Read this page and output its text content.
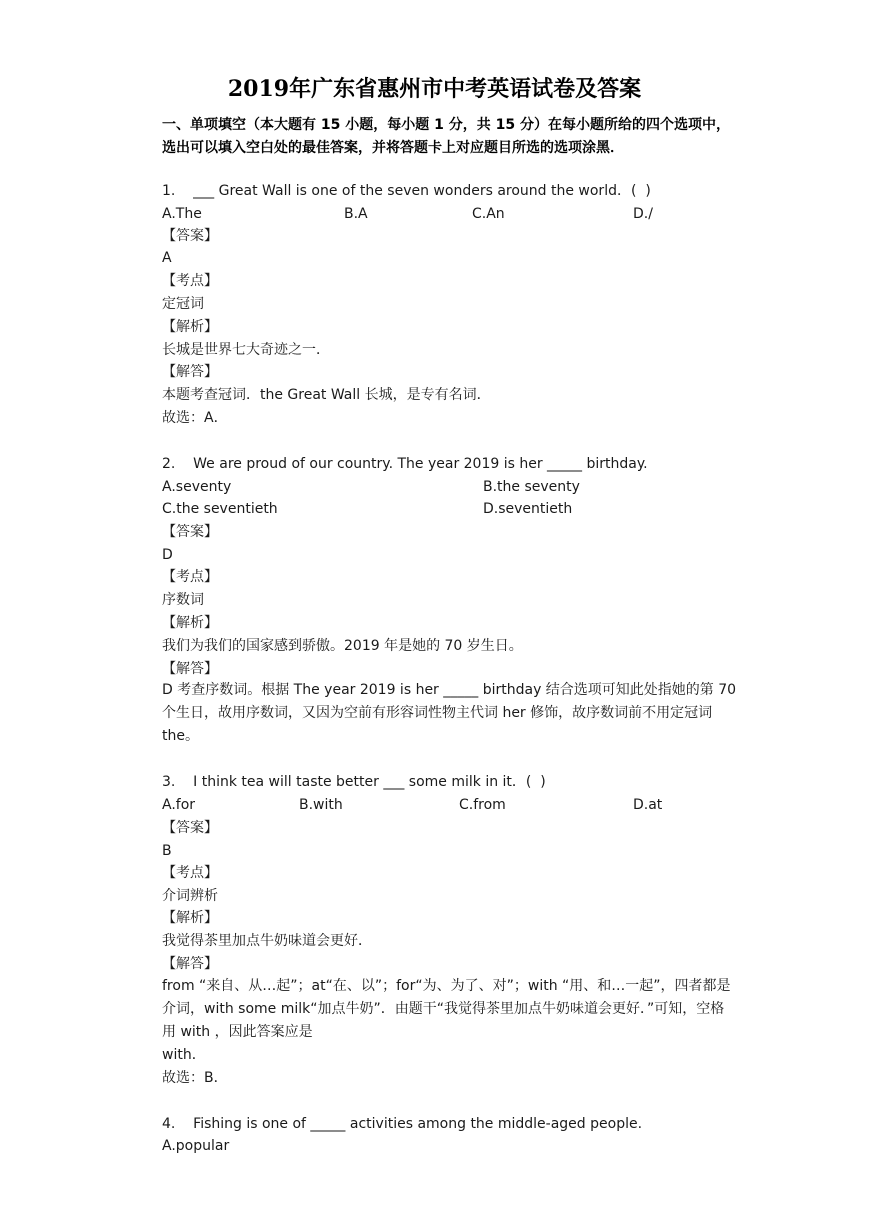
2019年广东省惠州市中考英语试卷及答案
一、单项填空（本大题有 15 小题，每小题 1 分，共 15 分）在每小题所给的四个选项中，选出可以填入空白处的最佳答案，并将答题卡上对应题目所选的选项涂黑．
1.    ___ Great Wall is one of the seven wonders around the world．(  )
A.The	B.A	C.An	D./
【答案】
A
【考点】
定冠词
【解析】
长城是世界七大奇迹之一．
【解答】
本题考查冠词．the Great Wall 长城，是专有名词．
故选：A．
2.    We are proud of our country. The year 2019 is her _____ birthday.
A.seventy	B.the seventy
C.the seventieth	D.seventieth
【答案】
D
【考点】
序数词
【解析】
我们为我们的国家感到骄傲。2019 年是她的 70 岁生日。
【解答】
D 考查序数词。根据 The year 2019 is her _____ birthday 结合选项可知此处指她的第 70 个生日，故用序数词，又因为空前有形容词性物主代词 her 修饰，故序数词前不用定冠词 the。
3.    I think tea will taste better ___ some milk in it．(  )
A.for	B.with	C.from	D.at
【答案】
B
【考点】
介词辨析
【解析】
我觉得茶里加点牛奶味道会更好．
【解答】
from “来自、从…起”；at“在、以”；for“为、为了、对”；with “用、和…一起”，四者都是介词，with some milk“加点牛奶”．由题干“我觉得茶里加点牛奶味道会更好．”可知，空格用 with ，因此答案应是
with．
故选：B．
4.    Fishing is one of _____ activities among the middle-aged people.
A.popular
